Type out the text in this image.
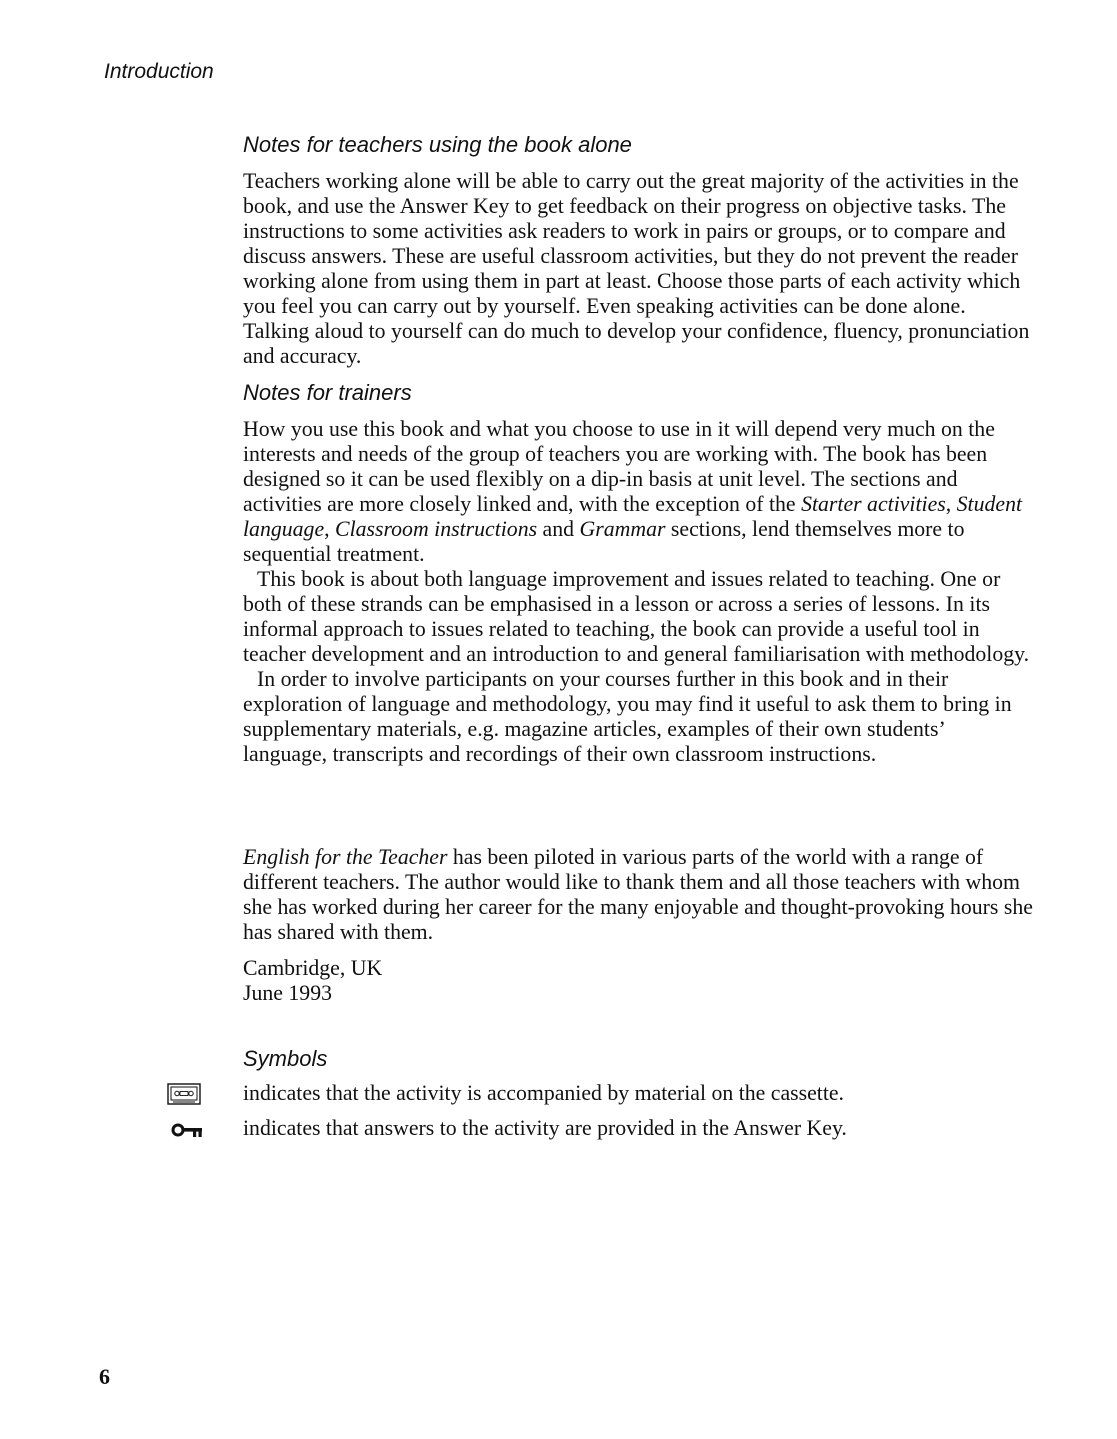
Introduction
Notes for teachers using the book alone

Teachers working alone will be able to carry out the great majority of the activities in the book, and use the Answer Key to get feedback on their progress on objective tasks. The instructions to some activities ask readers to work in pairs or groups, or to compare and discuss answers. These are useful classroom activities, but they do not prevent the reader working alone from using them in part at least. Choose those parts of each activity which you feel you can carry out by yourself. Even speaking activities can be done alone. Talking aloud to yourself can do much to develop your confidence, fluency, pronunciation and accuracy.

Notes for trainers

How you use this book and what you choose to use in it will depend very much on the interests and needs of the group of teachers you are working with. The book has been designed so it can be used flexibly on a dip-in basis at unit level. The sections and activities are more closely linked and, with the exception of the Starter activities, Student language, Classroom instructions and Grammar sections, lend themselves more to sequential treatment.

This book is about both language improvement and issues related to teaching. One or both of these strands can be emphasised in a lesson or across a series of lessons. In its informal approach to issues related to teaching, the book can provide a useful tool in teacher development and an introduction to and general familiarisation with methodology.

In order to involve participants on your courses further in this book and in their exploration of language and methodology, you may find it useful to ask them to bring in supplementary materials, e.g. magazine articles, examples of their own students’ language, transcripts and recordings of their own classroom instructions.

English for the Teacher has been piloted in various parts of the world with a range of different teachers. The author would like to thank them and all those teachers with whom she has worked during her career for the many enjoyable and thought-provoking hours she has shared with them.

Cambridge, UK

June 1993

Symbols

indicates that the activity is accompanied by material on the cassette.

indicates that answers to the activity are provided in the Answer Key.

6
